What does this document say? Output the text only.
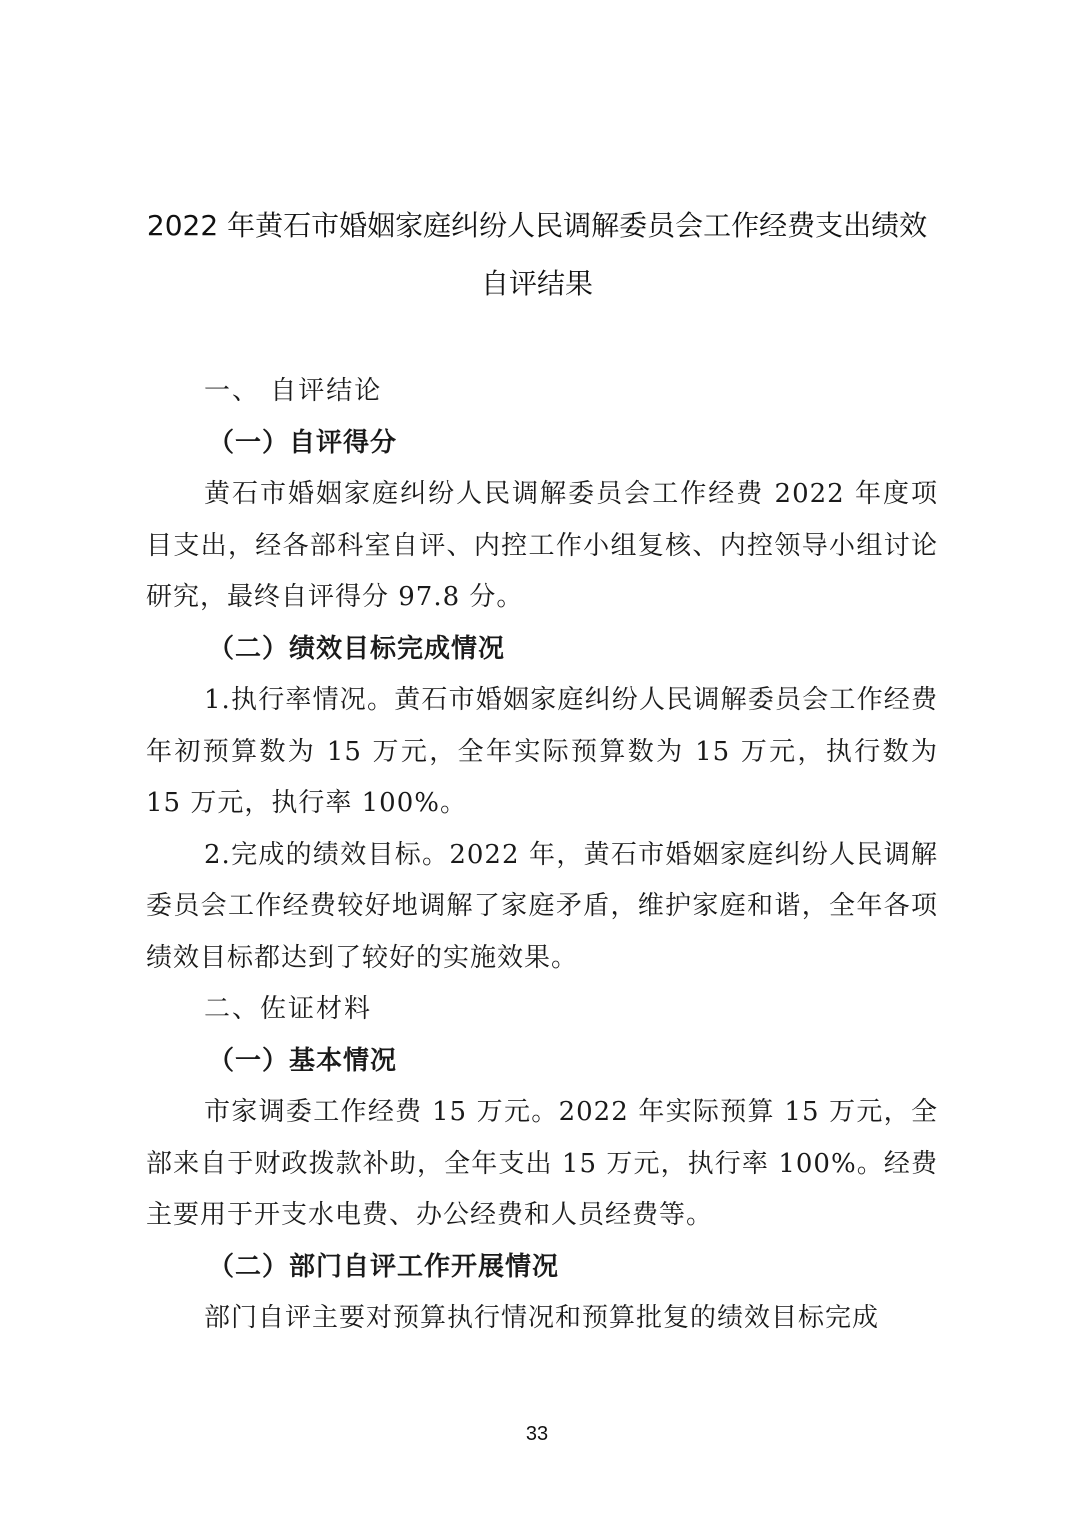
2022 年黄石市婚姻家庭纠纷人民调解委员会工作经费支出绩效
自评结果

一、 自评结论

（一）自评得分

黄石市婚姻家庭纠纷人民调解委员会工作经费 2022 年度项目支出，经各部科室自评、内控工作小组复核、内控领导小组讨论研究，最终自评得分 97.8 分。

（二）绩效目标完成情况

1.执行率情况。黄石市婚姻家庭纠纷人民调解委员会工作经费年初预算数为 15 万元，全年实际预算数为 15 万元，执行数为 15 万元，执行率 100%。

2.完成的绩效目标。2022 年，黄石市婚姻家庭纠纷人民调解委员会工作经费较好地调解了家庭矛盾，维护家庭和谐，全年各项绩效目标都达到了较好的实施效果。

二、佐证材料

（一）基本情况

市家调委工作经费 15 万元。2022 年实际预算 15 万元，全部来自于财政拨款补助，全年支出 15 万元，执行率 100%。经费主要用于开支水电费、办公经费和人员经费等。

（二）部门自评工作开展情况

部门自评主要对预算执行情况和预算批复的绩效目标完成

33
